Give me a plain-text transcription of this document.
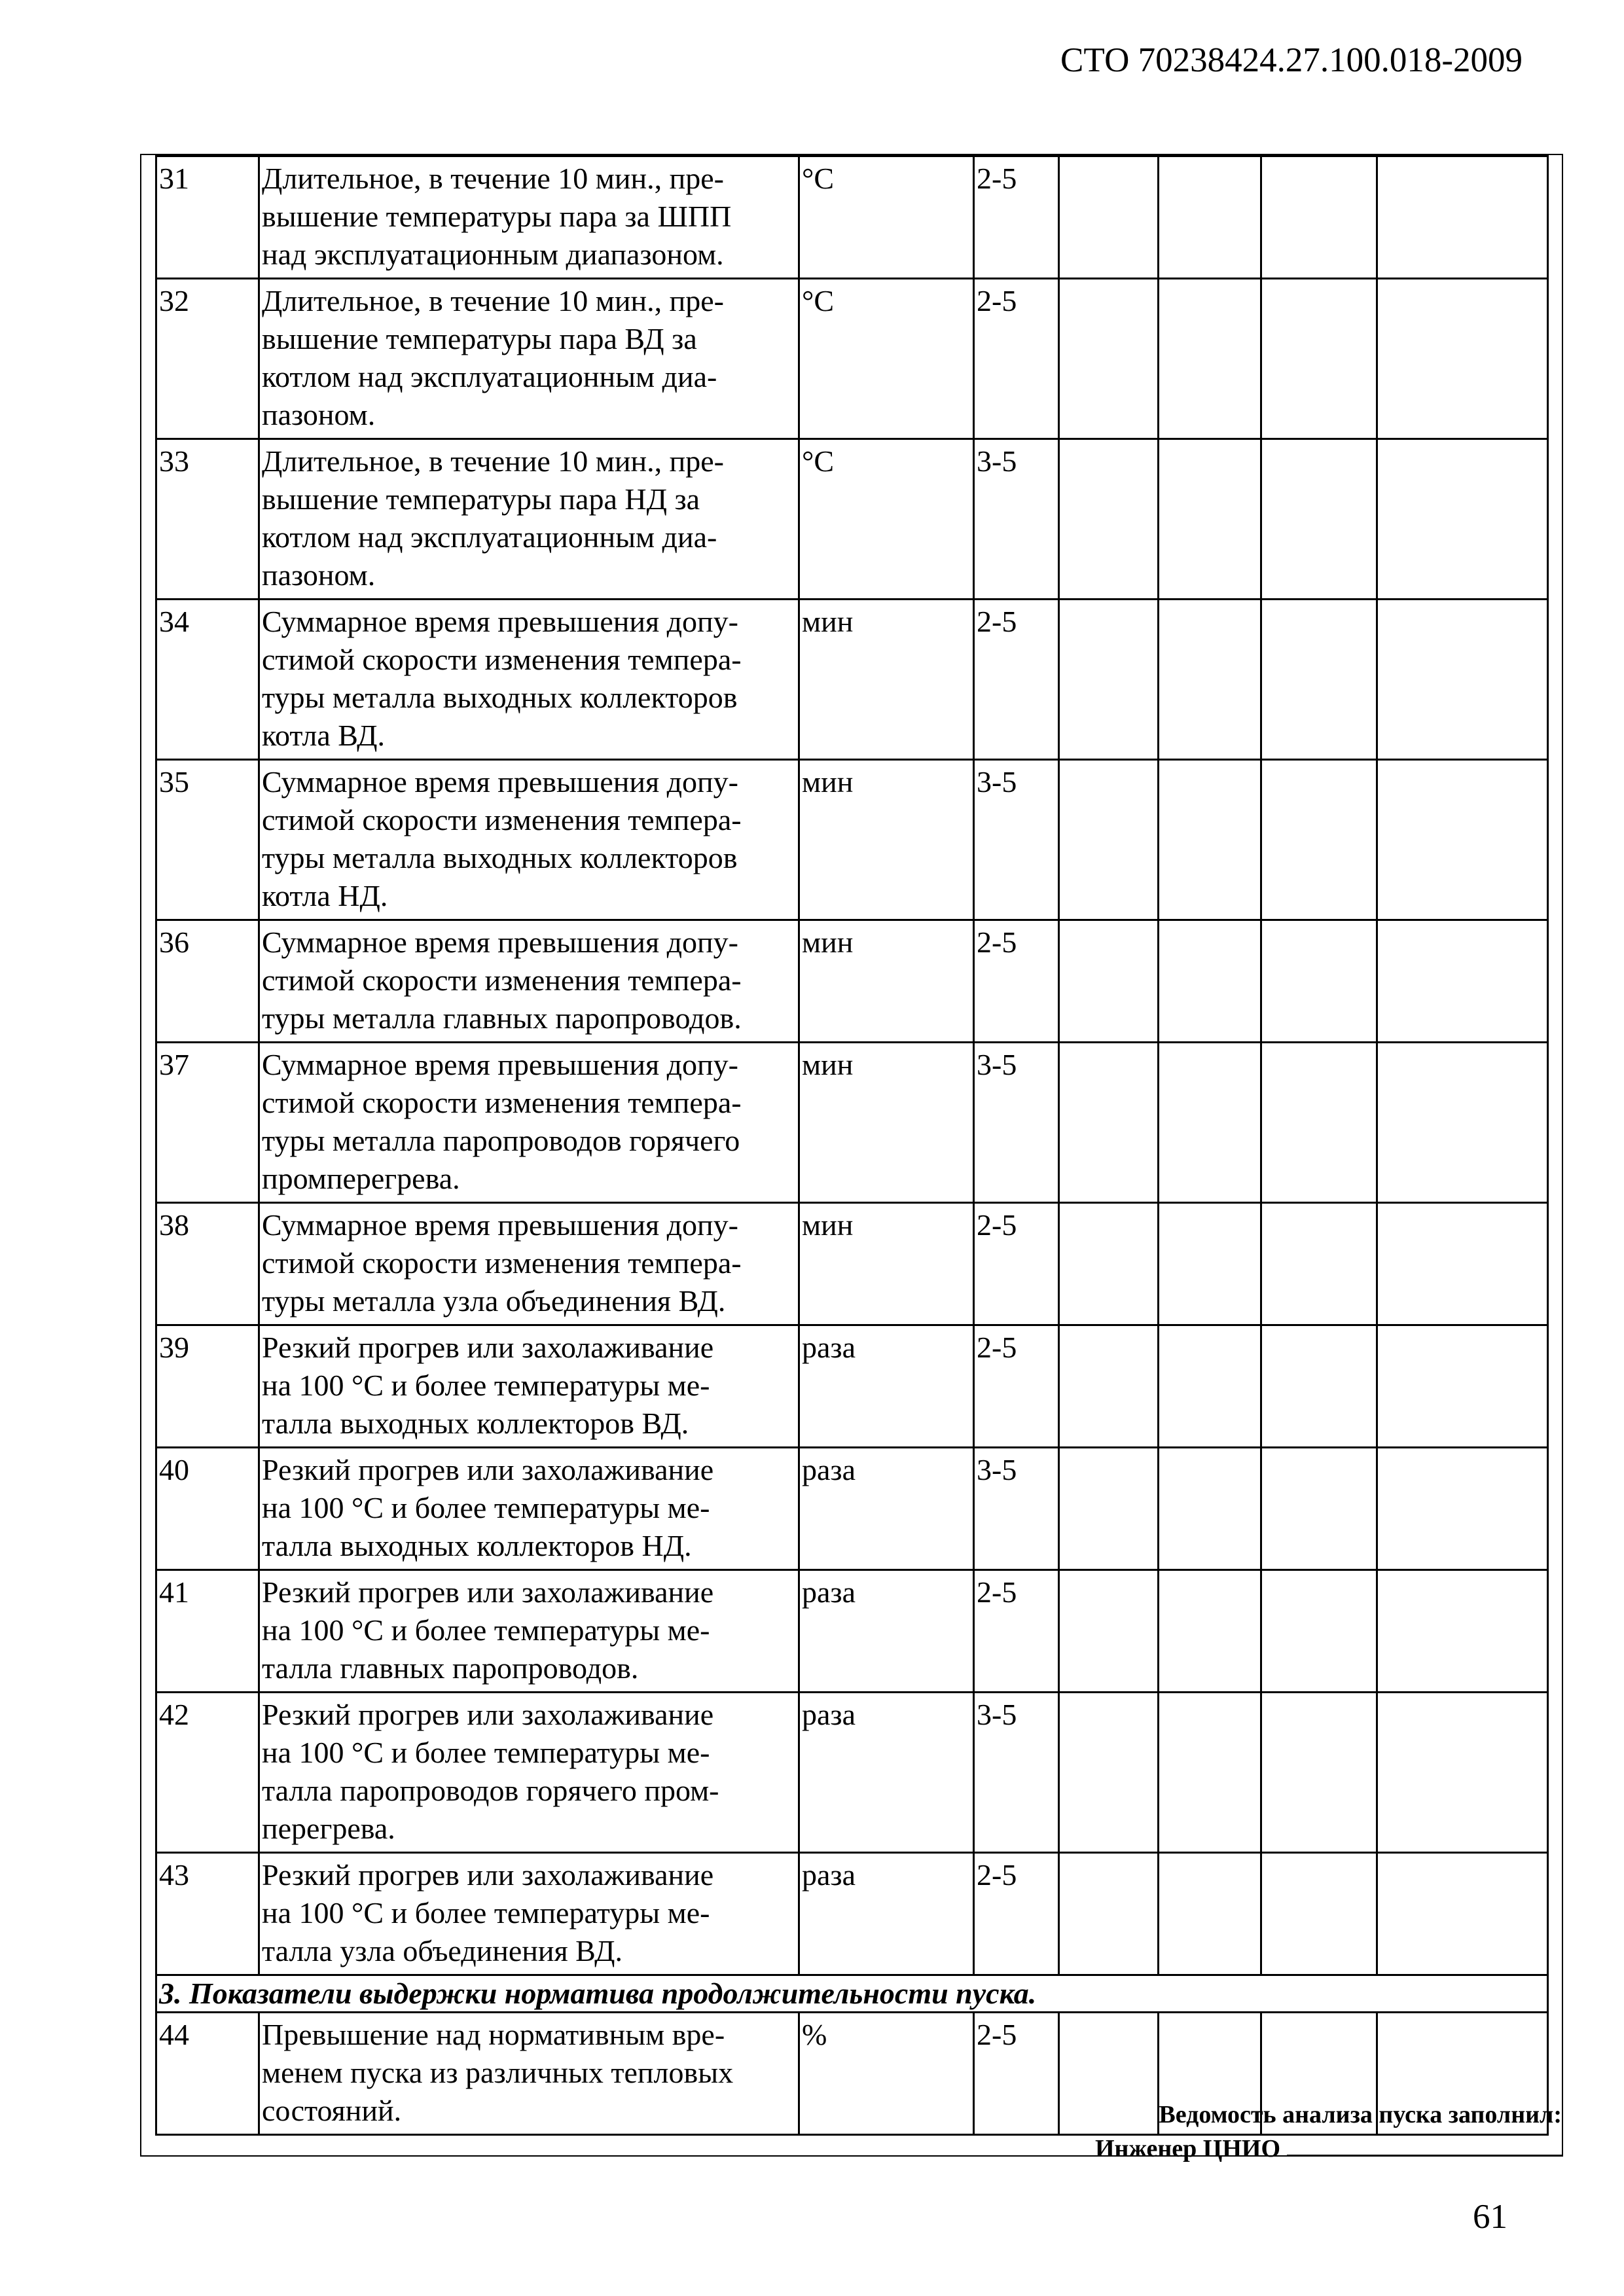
СТО 70238424.27.100.018-2009
31	Длительное, в течение 10 мин., пре-
вышение температуры пара за ШПП
над эксплуатационным диапазоном.	°С	2-5				
32	Длительное, в течение 10 мин., пре-
вышение температуры пара ВД за
котлом над эксплуатационным диа-
пазоном.	°С	2-5				
33	Длительное, в течение 10 мин., пре-
вышение температуры пара НД за
котлом над эксплуатационным диа-
пазоном.	°С	3-5				
34	Суммарное время превышения допу-
стимой скорости изменения темпера-
туры металла выходных коллекторов
котла ВД.	мин	2-5				
35	Суммарное время превышения допу-
стимой скорости изменения темпера-
туры металла выходных коллекторов
котла НД.	мин	3-5				
36	Суммарное время превышения допу-
стимой скорости изменения темпера-
туры металла главных паропроводов.	мин	2-5				
37	Суммарное время превышения допу-
стимой скорости изменения темпера-
туры металла паропроводов горячего
промперегрева.	мин	3-5				
38	Суммарное время превышения допу-
стимой скорости изменения темпера-
туры металла узла объединения ВД.	мин	2-5				
39	Резкий прогрев или захолаживание
на 100 °С и более температуры ме-
талла выходных коллекторов ВД.	раза	2-5				
40	Резкий прогрев или захолаживание
на 100 °С и более температуры ме-
талла выходных коллекторов НД.	раза	3-5				
41	Резкий прогрев или захолаживание
на 100 °С и более температуры ме-
талла главных паропроводов.	раза	2-5				
42	Резкий прогрев или захолаживание
на 100 °С и более температуры ме-
талла паропроводов горячего пром-
перегрева.	раза	3-5				
43	Резкий прогрев или захолаживание
на 100 °С и более температуры ме-
талла узла объединения ВД.	раза	2-5				
3. Показатели выдержки норматива продолжительности пуска.							
44	Превышение над нормативным вре-
менем пуска из различных тепловых
состояний.	%	2-5				
Ведомость анализа пуска заполнил:
Инженер ЦНИО
61
